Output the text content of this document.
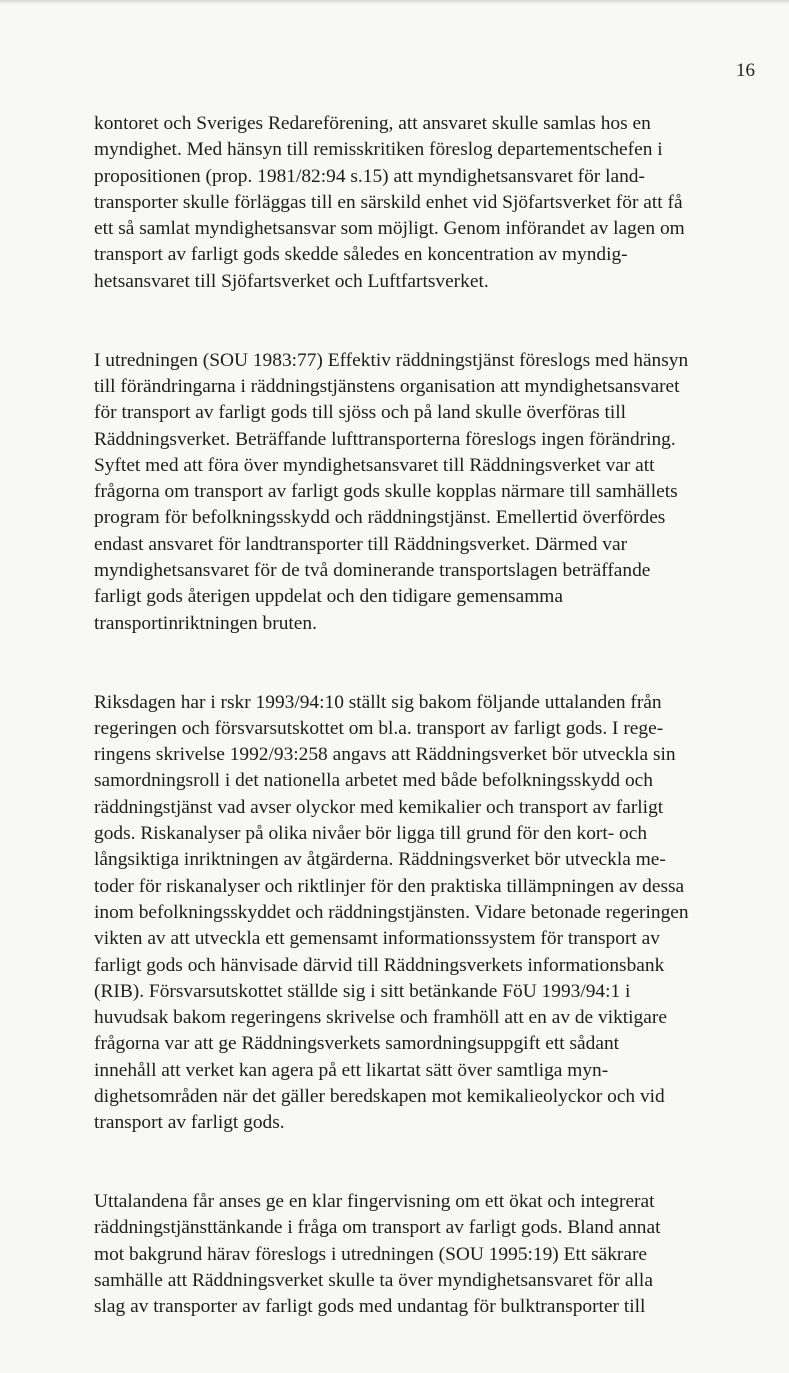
16

kontoret och Sveriges Redareförening, att ansvaret skulle samlas hos en
myndighet. Med hänsyn till remisskritiken föreslog departementschefen i
propositionen (prop. 1981/82:94 s.15) att myndighetsansvaret för land-
transporter skulle förläggas till en särskild enhet vid Sjöfartsverket för att få
ett så samlat myndighetsansvar som möjligt. Genom införandet av lagen om
transport av farligt gods skedde således en koncentration av myndig-
hetsansvaret till Sjöfartsverket och Luftfartsverket.

I utredningen (SOU 1983:77) Effektiv räddningstjänst föreslogs med hänsyn
till förändringarna i räddningstjänstens organisation att myndighetsansvaret
för transport av farligt gods till sjöss och på land skulle överföras till
Räddningsverket. Beträffande lufttransporterna föreslogs ingen förändring.
Syftet med att föra över myndighetsansvaret till Räddningsverket var att
frågorna om transport av farligt gods skulle kopplas närmare till samhällets
program för befolkningsskydd och räddningstjänst. Emellertid överfördes
endast ansvaret för landtransporter till Räddningsverket. Därmed var
myndighetsansvaret för de två dominerande transportslagen beträffande
farligt gods återigen uppdelat och den tidigare gemensamma
transportinriktningen bruten.

Riksdagen har i rskr 1993/94:10 ställt sig bakom följande uttalanden från
regeringen och försvarsutskottet om bl.a. transport av farligt gods. I rege-
ringens skrivelse 1992/93:258 angavs att Räddningsverket bör utveckla sin
samordningsroll i det nationella arbetet med både befolkningsskydd och
räddningstjänst vad avser olyckor med kemikalier och transport av farligt
gods. Riskanalyser på olika nivåer bör ligga till grund för den kort- och
långsiktiga inriktningen av åtgärderna. Räddningsverket bör utveckla me-
toder för riskanalyser och riktlinjer för den praktiska tillämpningen av dessa
inom befolkningsskyddet och räddningstjänsten. Vidare betonade regeringen
vikten av att utveckla ett gemensamt informationssystem för transport av
farligt gods och hänvisade därvid till Räddningsverkets informationsbank
(RIB). Försvarsutskottet ställde sig i sitt betänkande FöU 1993/94:1 i
huvudsak bakom regeringens skrivelse och framhöll att en av de viktigare
frågorna var att ge Räddningsverkets samordningsuppgift ett sådant
innehåll att verket kan agera på ett likartat sätt över samtliga myn-
dighetsområden när det gäller beredskapen mot kemikalieolyckor och vid
transport av farligt gods.

Uttalandena får anses ge en klar fingervisning om ett ökat och integrerat
räddningstjänsttänkande i fråga om transport av farligt gods. Bland annat
mot bakgrund härav föreslogs i utredningen (SOU 1995:19) Ett säkrare
samhälle att Räddningsverket skulle ta över myndighetsansvaret för alla
slag av transporter av farligt gods med undantag för bulktransporter till
